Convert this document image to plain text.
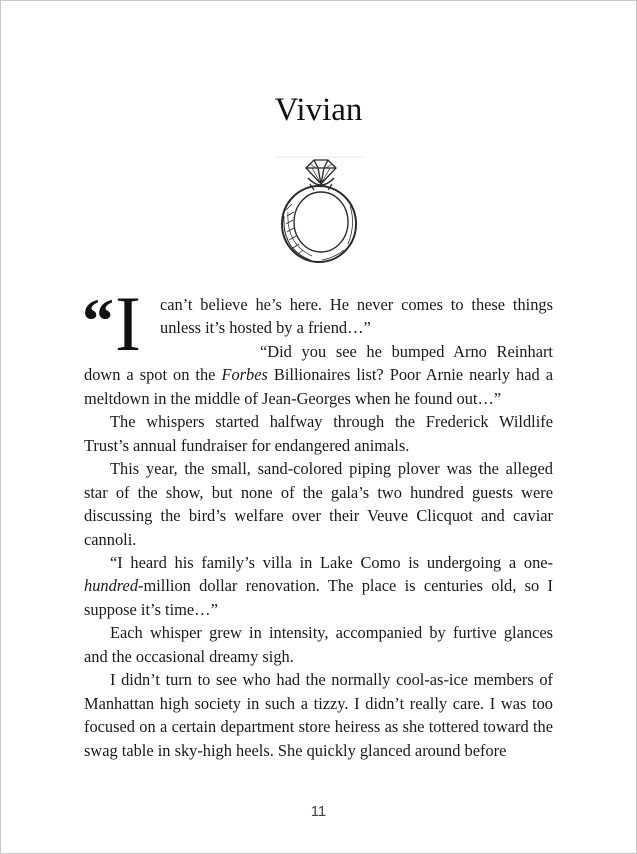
Vivian

“ I can’t believe he’s here. He never comes to these things unless it’s hosted by a friend…”

“Did you see he bumped Arno Reinhart down a spot on the Forbes Billionaires list? Poor Arnie nearly had a meltdown in the middle of Jean-Georges when he found out…”

The whispers started halfway through the Frederick Wildlife Trust’s annual fundraiser for endangered animals.

This year, the small, sand-colored piping plover was the alleged star of the show, but none of the gala’s two hundred guests were discussing the bird’s welfare over their Veuve Clicquot and caviar cannoli.

“I heard his family’s villa in Lake Como is undergoing a one-hundred-million dollar renovation. The place is centuries old, so I suppose it’s time…”

Each whisper grew in intensity, accompanied by furtive glances and the occasional dreamy sigh.

I didn’t turn to see who had the normally cool-as-ice members of Manhattan high society in such a tizzy. I didn’t really care. I was too focused on a certain department store heiress as she tottered toward the swag table in sky-high heels. She quickly glanced around before

11
